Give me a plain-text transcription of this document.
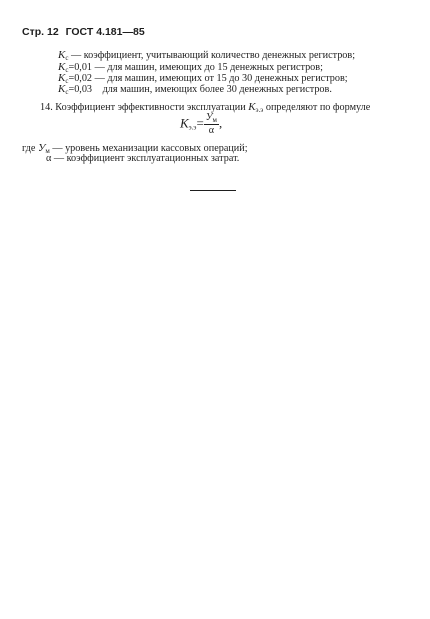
Стр. 12 ГОСТ 4.181—85
$K_c$ — коэффициент, учитывающий количество денежных регистров;
$K_c=0,01$ — для машин, имеющих до 15 денежных регистров;
$K_c=0,02$ — для машин, имеющих от 15 до 30 денежных регистров;
$K_c=0,03$ для машин, имеющих более 30 денежных регистров.
14. Коэффициент эффективности эксплуатации $K_{э.э}$ определяют по формуле
$K_{э.э}= \frac{У_м}{\alpha}$ ,
где $У_м$ — уровень механизации кассовых операций;
α — коэффициент эксплуатационных затрат.
